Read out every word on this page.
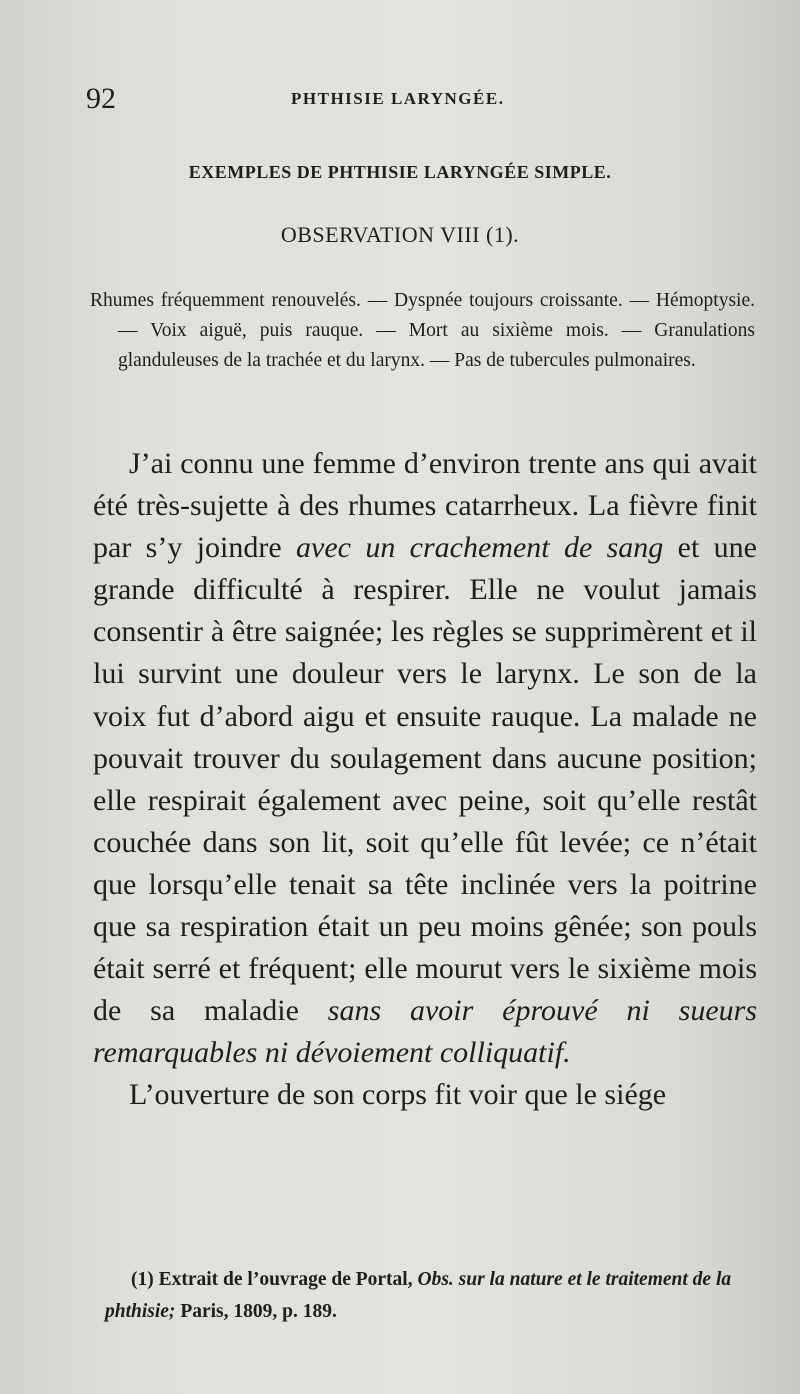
92	PHTHISIE LARYNGÉE.
EXEMPLES DE PHTHISIE LARYNGÉE SIMPLE.
OBSERVATION VIII (1).

Rhumes fréquemment renouvelés. — Dyspnée toujours croissante. — Hémoptysie.— Voix aiguë, puis rauque. — Mort au sixième mois. — Granulations glanduleuses de la trachée et du larynx. — Pas de tubercules pulmonaires.

J’ai connu une femme d’environ trente ans qui avait été très-sujette à des rhumes catarrheux. La fièvre finit par s’y joindre avec un crachement de sang et une grande difficulté à respirer. Elle ne voulut jamais consentir à être saignée; les règles se supprimèrent et il lui survint une douleur vers le larynx. Le son de la voix fut d’abord aigu et ensuite rauque. La malade ne pouvait trouver du soulagement dans aucune position; elle respirait également avec peine, soit qu’elle restât couchée dans son lit, soit qu’elle fût levée; ce n’était que lorsqu’elle tenait sa tête inclinée vers la poitrine que sa respiration était un peu moins gênée; son pouls était serré et fréquent; elle mourut vers le sixième mois de sa maladie sans avoir éprouvé ni sueurs remarquables ni dévoiement colliquatif.

L’ouverture de son corps fit voir que le siége

(1) Extrait de l’ouvrage de Portal, Obs. sur la nature et le traitement de la phthisie; Paris, 1809, p. 189.
